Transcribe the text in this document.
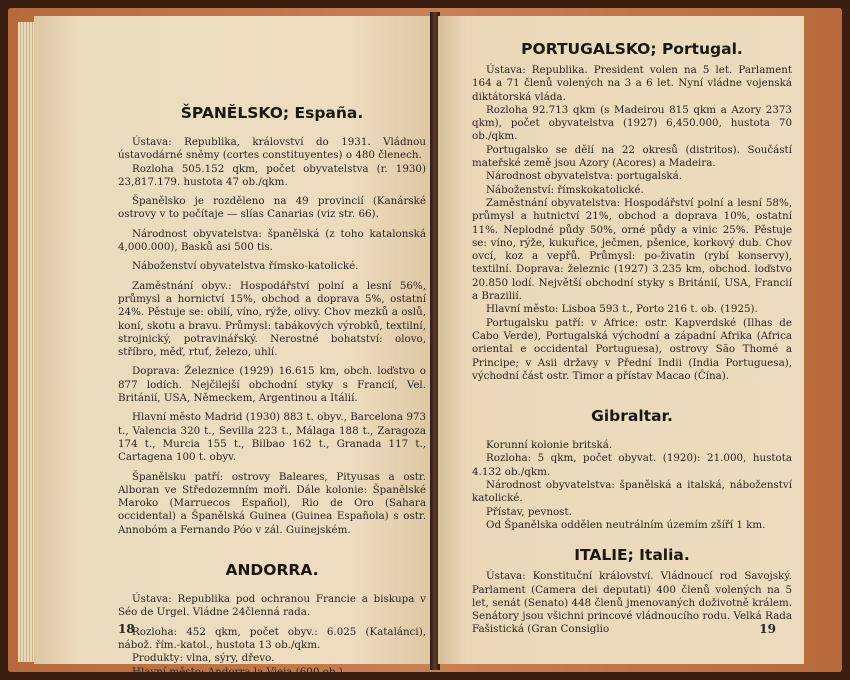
ŠPANĚLSKO; España.

Ústava: Republika, království do 1931. Vládnou ústavodárné sněmy (cortes constituyentes) o 480 členech.

Rozloha 505.152 qkm, počet obyvatelstva (r. 1930) 23,817.179. hustota 47 ob./qkm.

Španělsko je rozděleno na 49 provincií (Kanárské ostrovy v to počítaje — slías Canarias (viz str. 66).

Národnost obyvatelstva: španělská (z toho katalonská 4,000.000), Basků asi 500 tis.

Náboženství obyvatelstva římsko-katolické.

Zaměstnání obyv.: Hospodářství polní a lesní 56%, průmysl a hornictví 15%, obchod a doprava 5%, ostatní 24%. Pěstuje se: obilí, víno, rýže, olivy. Chov mezků a oslů, koní, skotu a bravu. Průmysl: tabákových výrobků, textilní, strojnický, potravinářský. Nerostné bohatství: olovo, stříbro, měď, rtuť, železo, uhlí.

Doprava: Železnice (1929) 16.615 km, obch. loďstvo o 877 lodích. Nejčilejší obchodní styky s Francií, Vel. Británií, USA, Německem, Argentinou a Itálií.

Hlavní město Madrid (1930) 883 t. obyv., Barcelona 973 t., Valencia 320 t., Sevilla 223 t., Málaga 188 t., Zaragoza 174 t., Murcia 155 t., Bilbao 162 t., Granada 117 t., Cartagena 100 t. obyv.

Španělsku patří: ostrovy Baleares, Pityusas a ostr. Alboran ve Středozemním moři. Dále kolonie: Španělské Maroko (Marruecos Español), Rio de Oro (Sahara occidental) a Španělská Guinea (Guinea Española) s ostr. Annobóm a Fernando Póo v zál. Guinejském.

ANDORRA.

Ústava: Republika pod ochranou Francie a biskupa v Séo de Urgel. Vládne 24členná rada.

Rozloha: 452 qkm, počet obyv.: 6.025 (Katalánci), nábož. řím.-katol., hustota 13 ob./qkm.

Produkty: vlna, sýry, dřevo.

Hlavní město: Andorra la Vieja (600 ob.).

18
PORTUGALSKO; Portugal.

Ústava: Republika. President volen na 5 let. Parlament 164 a 71 členů volených na 3 a 6 let. Nyní vládne vojenská diktátorská vláda.

Rozloha 92.713 qkm (s Madeirou 815 qkm a Azory 2373 qkm), počet obyvatelstva (1927) 6,450.000, hustota 70 ob./qkm.

Portugalsko se dělí na 22 okresů (distritos). Součástí mateřské země jsou Azory (Acores) a Madeira.

Národnost obyvatelstva: portugalská.

Náboženství: římskokatolické.

Zaměstnání obyvatelstva: Hospodářství polní a lesní 58%, průmysl a hutnictví 21%, obchod a doprava 10%, ostatní 11%. Neplodné půdy 50%, orné půdy a vinic 25%. Pěstuje se: víno, rýže, kukuřice, ječmen, pšenice, korkový dub. Chov ovcí, koz a vepřů. Průmysl: po-živatin (rybí konservy), textilní. Doprava: železnic (1927) 3.235 km, obchod. loďstvo 20.850 lodí. Největší obchodní styky s Británií, USA, Francií a Brazilií.

Hlavní město: Lisboa 593 t., Porto 216 t. ob. (1925).

Portugalsku patří: v Africe: ostr. Kapverdské (Ilhas de Cabo Verde), Portugalská východní a západní Afrika (Africa oriental e occidental Portuguesa), ostrovy São Thomé a Principe; v Asii državy v Přední Indii (India Portuguesa), východní část ostr. Timor a přístav Macao (Čína).

Gibraltar.

Korunní kolonie britská.

Rozloha: 5 qkm, počet obyvat. (1920): 21.000, hustota 4.132 ob./qkm.

Národnost obyvatelstva: španělská a italská, náboženství katolické.

Přístav, pevnost.

Od Španělska oddělen neutrálním územím zšíří 1 km.

ITALIE; Italia.

Ústava: Konstituční království. Vládnoucí rod Savojský. Parlament (Camera dei deputati) 400 členů volených na 5 let, senát (Senato) 448 členů jmenovaných doživotně králem. Senátory jsou všichni princové vládnoucího rodu. Velká Rada Fašistická (Gran Consiglio	19
